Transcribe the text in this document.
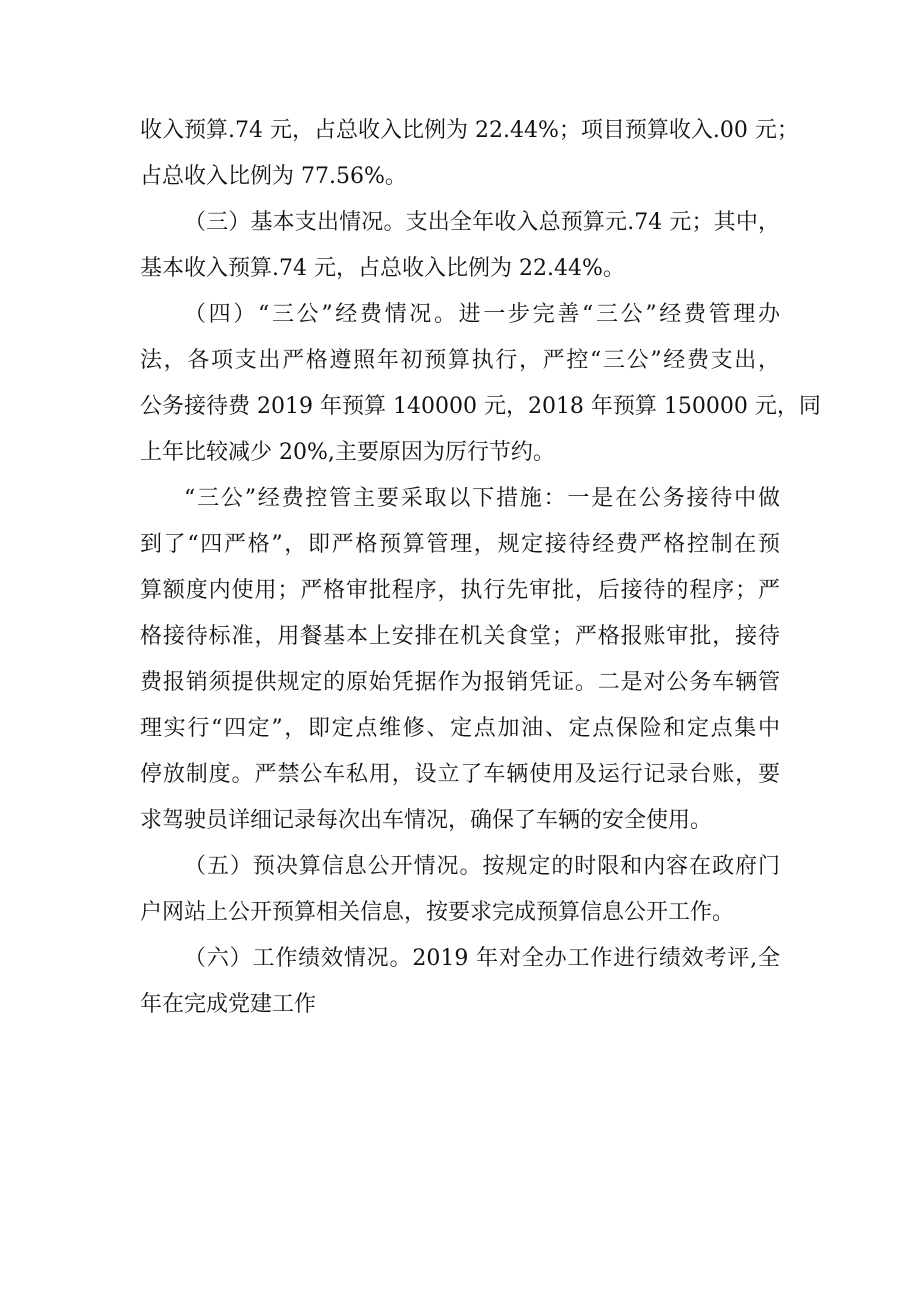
收入预算.74 元，占总收入比例为 22.44%；项目预算收入.00 元；
占总收入比例为 77.56%。
（三）基本支出情况。支出全年收入总预算元.74 元；其中，
基本收入预算.74 元，占总收入比例为 22.44%。
（四）“三公”经费情况。进一步完善“三公”经费管理办
法，各项支出严格遵照年初预算执行，严控“三公”经费支出，
公务接待费 2019 年预算 140000 元，2018 年预算 150000 元，同
上年比较减少 20%,主要原因为厉行节约。
“三公”经费控管主要采取以下措施：一是在公务接待中做
到了“四严格”，即严格预算管理，规定接待经费严格控制在预
算额度内使用；严格审批程序，执行先审批，后接待的程序；严
格接待标准，用餐基本上安排在机关食堂；严格报账审批，接待
费报销须提供规定的原始凭据作为报销凭证。二是对公务车辆管
理实行“四定”，即定点维修、定点加油、定点保险和定点集中
停放制度。严禁公车私用，设立了车辆使用及运行记录台账，要
求驾驶员详细记录每次出车情况，确保了车辆的安全使用。
（五）预决算信息公开情况。按规定的时限和内容在政府门
户网站上公开预算相关信息，按要求完成预算信息公开工作。
（六）工作绩效情况。2019 年对全办工作进行绩效考评,全
年在完成党建工作
